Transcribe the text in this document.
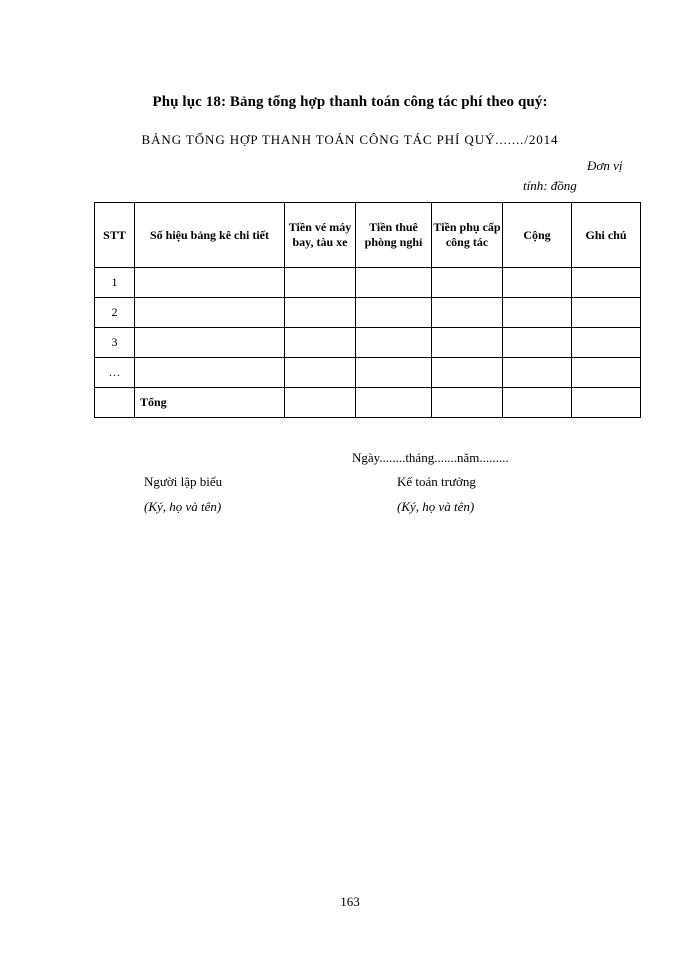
Phụ lục 18: Bảng tổng hợp thanh toán công tác phí theo quý:
BẢNG TỔNG HỢP THANH TOÁN CÔNG TÁC PHÍ QUÝ......./2014
Đơn vị
tính: đồng
STT	Số hiệu bảng kê chi tiết	Tiền vé máy bay, tàu xe	Tiền thuê phòng nghỉ	Tiền phụ cấp công tác	Cộng	Ghi chú
1						
2						
3						
…						
	Tổng					
Ngày........tháng.......năm.........
Người lập biểu	Kế toán trưởng
(Ký, họ và tên)	(Ký, họ và tên)
163
